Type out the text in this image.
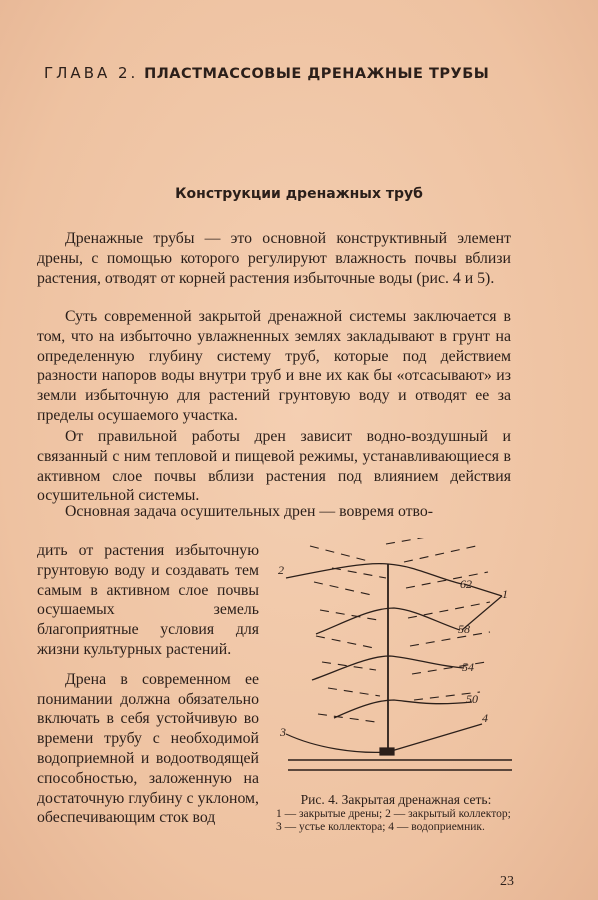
ГЛАВА 2. ПЛАСТМАССОВЫЕ ДРЕНАЖНЫЕ ТРУБЫ
Конструкции дренажных труб
Дренажные трубы — это основной конструктивный элемент дрены, с помощью которого регулируют влажность почвы вблизи растения, отводят от корней растения избыточные воды (рис. 4 и 5).
Суть современной закрытой дренажной системы заключается в том, что на избыточно увлажненных землях закладывают в грунт на определенную глубину систему труб, которые под действием разности напоров воды внутри труб и вне их как бы «отсасывают» из земли избыточную для растений грунтовую воду и отводят ее за пределы осушаемого участка.
От правильной работы дрен зависит водно-воздушный и связанный с ним тепловой и пищевой режимы, устанавливающиеся в активном слое почвы вблизи растения под влиянием действия осушительной системы.
Основная задача осушительных дрен — вовремя отво-

дить от растения избыточную грунтовую воду и создавать тем самым в активном слое почвы осушаемых земель благоприятные условия для жизни культурных растений.

Дрена в современном ее понимании должна обязательно включать в себя устойчивую во времени трубу с необходимой водоприемной и водоотводящей способностью, заложенную на достаточную глубину с уклоном, обеспечивающим сток вод

1
2
3
4
62
58
54
50
Рис. 4. Закрытая дренажная сеть:
1 — закрытые дрены; 2 — закрытый коллектор; 3 — устье коллектора; 4 — водоприемник.
23
